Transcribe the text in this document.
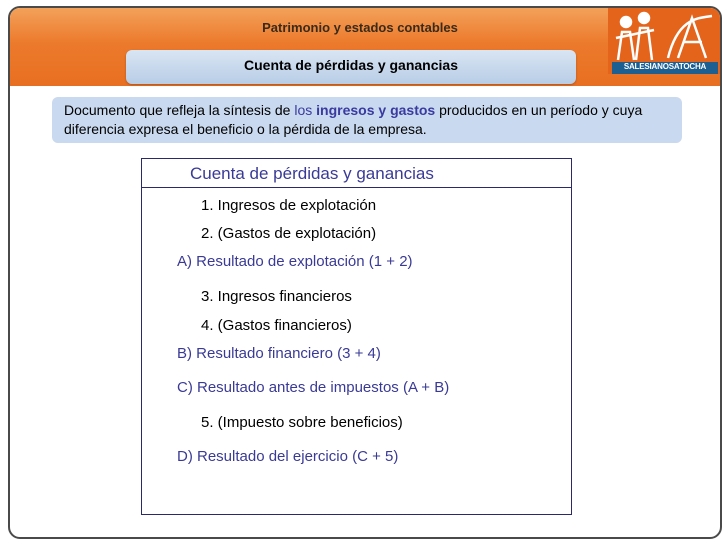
Patrimonio y estados contables
SALESIANOSATOCHA
Cuenta de pérdidas y ganancias
Documento que refleja la síntesis de los ingresos y gastos producidos en un período y cuya diferencia expresa el beneficio o la pérdida de la empresa.
Cuenta de pérdidas y ganancias
1. Ingresos de explotación
2. (Gastos de explotación)
A) Resultado de explotación (1 + 2)
3. Ingresos financieros
4. (Gastos financieros)
B) Resultado financiero (3 + 4)
C) Resultado antes de impuestos (A + B)
5. (Impuesto sobre beneficios)
D) Resultado del ejercicio (C + 5)
